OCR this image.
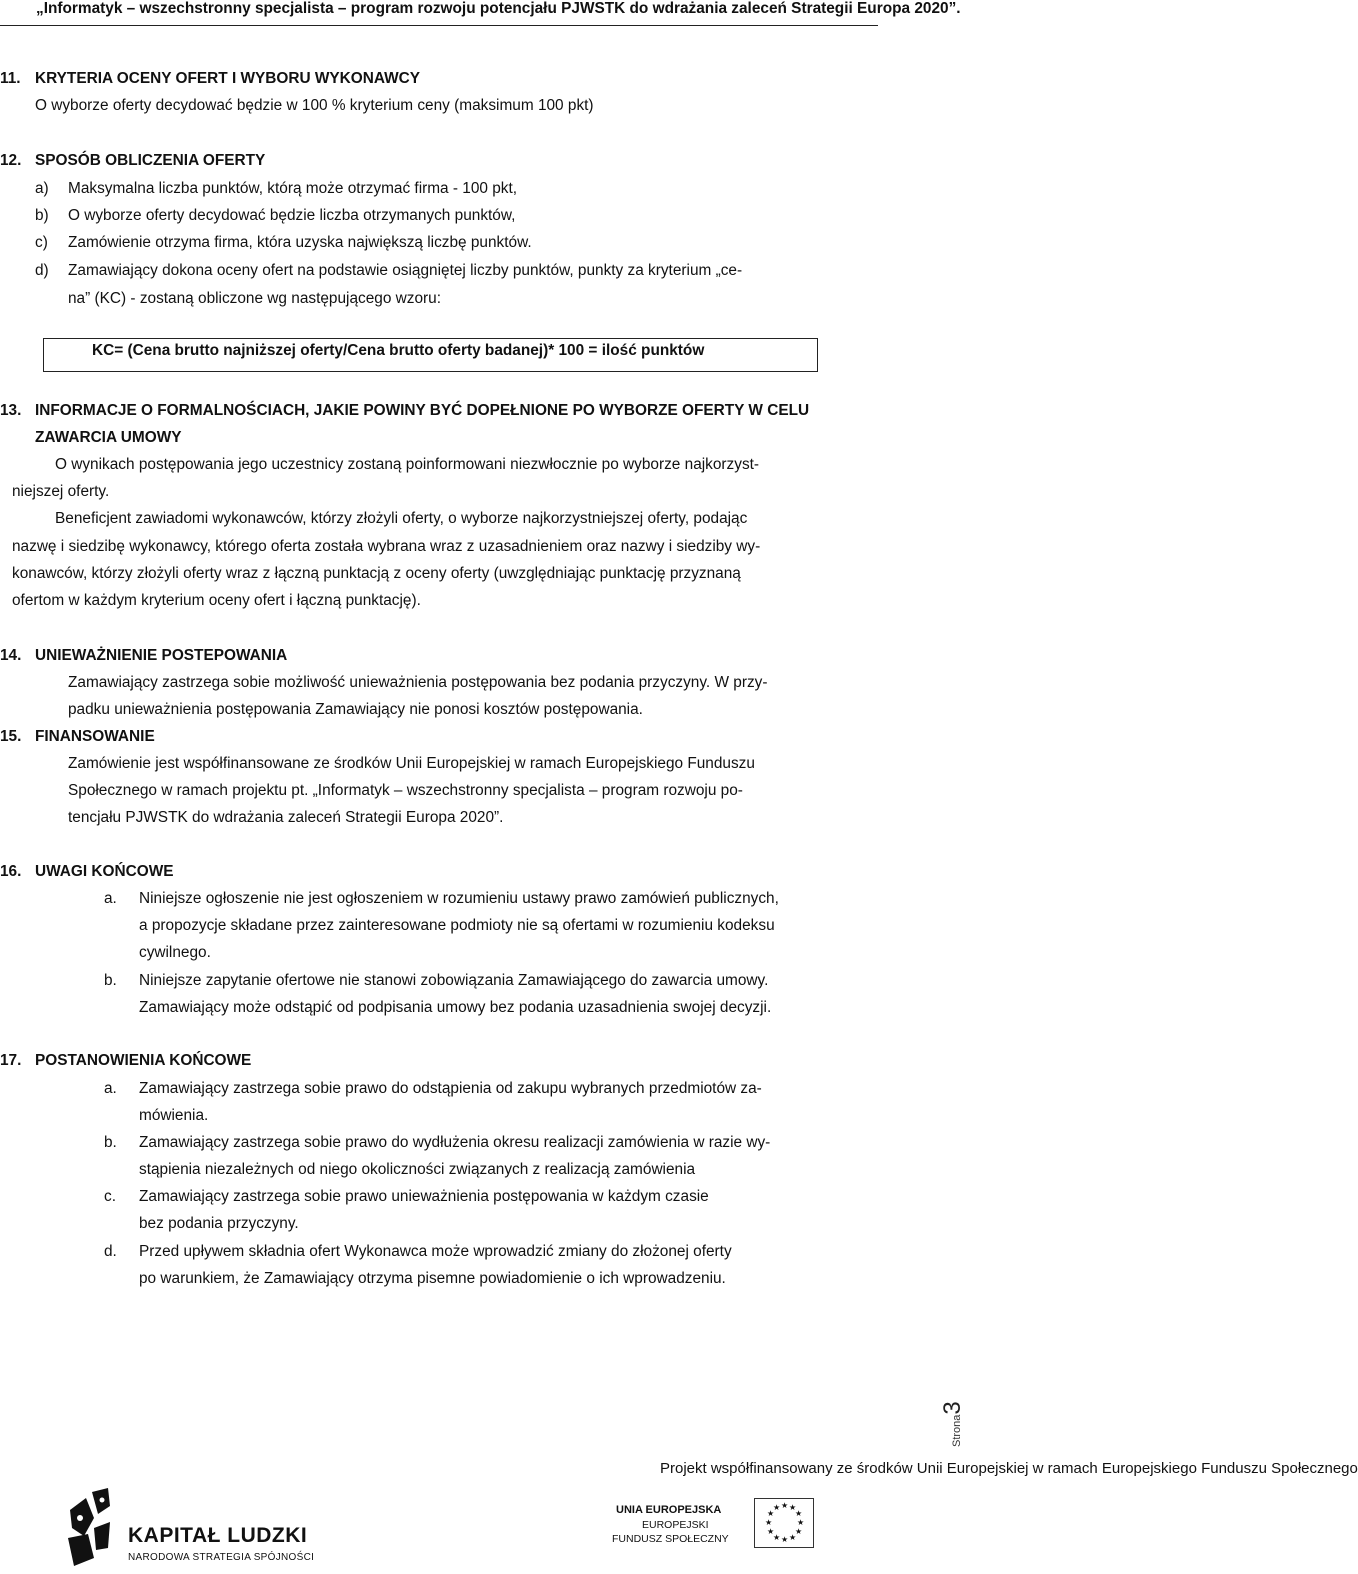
„Informatyk – wszechstronny specjalista – program rozwoju potencjału PJWSTK do wdrażania zaleceń Strategii Europa 2020”.
11. KRYTERIA OCENY OFERT I WYBORU WYKONAWCY
O wyborze oferty decydować będzie w 100 % kryterium ceny (maksimum 100 pkt)
12. SPOSÓB OBLICZENIA OFERTY
a) Maksymalna liczba punktów, którą może otrzymać firma - 100 pkt,
b) O wyborze oferty decydować będzie liczba otrzymanych punktów,
c) Zamówienie otrzyma firma, która uzyska największą liczbę punktów.
d) Zamawiający dokona oceny ofert na podstawie osiągniętej liczby punktów, punkty za kryterium „ce-
na” (KC) - zostaną obliczone wg następującego wzoru:
KC= (Cena brutto najniższej oferty/Cena brutto oferty badanej)* 100 = ilość punktów
13. INFORMACJE O FORMALNOŚCIACH, JAKIE POWINY BYĆ DOPEŁNIONE PO WYBORZE OFERTY W CELU
ZAWARCIA UMOWY
O wynikach postępowania jego uczestnicy zostaną poinformowani niezwłocznie po wyborze najkorzyst-
niejszej oferty.
Beneficjent zawiadomi wykonawców, którzy złożyli oferty, o wyborze najkorzystniejszej oferty, podając
nazwę i siedzibę wykonawcy, którego oferta została wybrana wraz z uzasadnieniem oraz nazwy i siedziby wy-
konawców, którzy złożyli oferty wraz z łączną punktacją z oceny oferty (uwzględniając punktację przyznaną
ofertom w każdym kryterium oceny ofert i łączną punktację).
14. UNIEWAŻNIENIE POSTEPOWANIA
Zamawiający zastrzega sobie możliwość unieważnienia postępowania bez podania przyczyny. W przy-
padku unieważnienia postępowania Zamawiający nie ponosi kosztów postępowania.
15. FINANSOWANIE
Zamówienie jest współfinansowane ze środków Unii Europejskiej w ramach Europejskiego Funduszu
Społecznego w ramach projektu pt. „Informatyk – wszechstronny specjalista – program rozwoju po-
tencjału PJWSTK do wdrażania zaleceń Strategii Europa 2020”.
16. UWAGI KOŃCOWE
a. Niniejsze ogłoszenie nie jest ogłoszeniem w rozumieniu ustawy prawo zamówień publicznych,
a propozycje składane przez zainteresowane podmioty nie są ofertami w rozumieniu kodeksu
cywilnego.
b. Niniejsze zapytanie ofertowe nie stanowi zobowiązania Zamawiającego do zawarcia umowy.
Zamawiający może odstąpić od podpisania umowy bez podania uzasadnienia swojej decyzji.
17. POSTANOWIENIA KOŃCOWE
a. Zamawiający zastrzega sobie prawo do odstąpienia od zakupu wybranych przedmiotów za-
mówienia.
b. Zamawiający zastrzega sobie prawo do wydłużenia okresu realizacji zamówienia w razie wy-
stąpienia niezależnych od niego okoliczności związanych z realizacją zamówienia
c. Zamawiający zastrzega sobie prawo unieważnienia postępowania w każdym czasie
bez podania przyczyny.
d. Przed upływem składnia ofert Wykonawca może wprowadzić zmiany do złożonej oferty
po warunkiem, że Zamawiający otrzyma pisemne powiadomienie o ich wprowadzeniu.
Strona3
Projekt współfinansowany ze środków Unii Europejskiej w ramach Europejskiego Funduszu Społecznego
KAPITAŁ LUDZKI
NARODOWA STRATEGIA SPÓJNOŚCI
UNIA EUROPEJSKA
EUROPEJSKI
FUNDUSZ SPOŁECZNY
★ ★
★
★
★
★
★
★
★
★
★
★
